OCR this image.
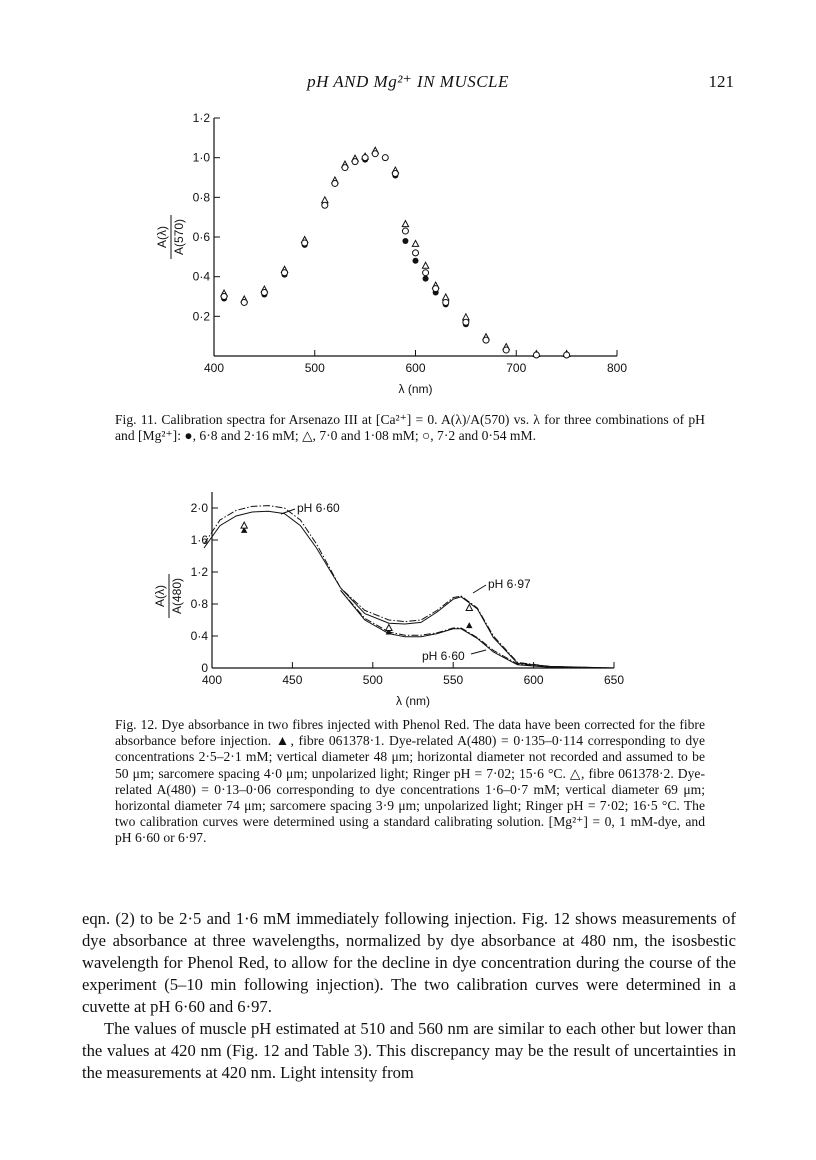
pH AND Mg²⁺ IN MUSCLE	121
0·2
0·4
0·6
0·8
1·0
1·2
400	500	600	700	800
λ (nm)
A(λ) A(570)
Fig. 11. Calibration spectra for Arsenazo III at [Ca²⁺] = 0. A(λ)/A(570) vs. λ for three combinations of pH and [Mg²⁺]: ●, 6·8 and 2·16 mM; △, 7·0 and 1·08 mM; ○, 7·2 and 0·54 mM.
0
0·4
0·8
1·2
1·6
2·0
400	450	500	550	600	650
λ (nm)
A(λ) A(480)
pH 6·60
pH 6·97
pH 6·60
Fig. 12. Dye absorbance in two fibres injected with Phenol Red. The data have been corrected for the fibre absorbance before injection. ▲, fibre 061378·1. Dye-related A(480) = 0·135–0·114 corresponding to dye concentrations 2·5–2·1 mM; vertical diameter 48 μm; horizontal diameter not recorded and assumed to be 50 μm; sarcomere spacing 4·0 μm; unpolarized light; Ringer pH = 7·02; 15·6 °C. △, fibre 061378·2. Dye-related A(480) = 0·13–0·06 corresponding to dye concentrations 1·6–0·7 mM; vertical diameter 69 μm; horizontal diameter 74 μm; sarcomere spacing 3·9 μm; unpolarized light; Ringer pH = 7·02; 16·5 °C. The two calibration curves were determined using a standard calibrating solution. [Mg²⁺] = 0, 1 mM-dye, and pH 6·60 or 6·97.

eqn. (2) to be 2·5 and 1·6 mM immediately following injection. Fig. 12 shows measurements of dye absorbance at three wavelengths, normalized by dye absorbance at 480 nm, the isosbestic wavelength for Phenol Red, to allow for the decline in dye concentration during the course of the experiment (5–10 min following injection). The two calibration curves were determined in a cuvette at pH 6·60 and 6·97.

The values of muscle pH estimated at 510 and 560 nm are similar to each other but lower than the values at 420 nm (Fig. 12 and Table 3). This discrepancy may be the result of uncertainties in the measurements at 420 nm. Light intensity from
